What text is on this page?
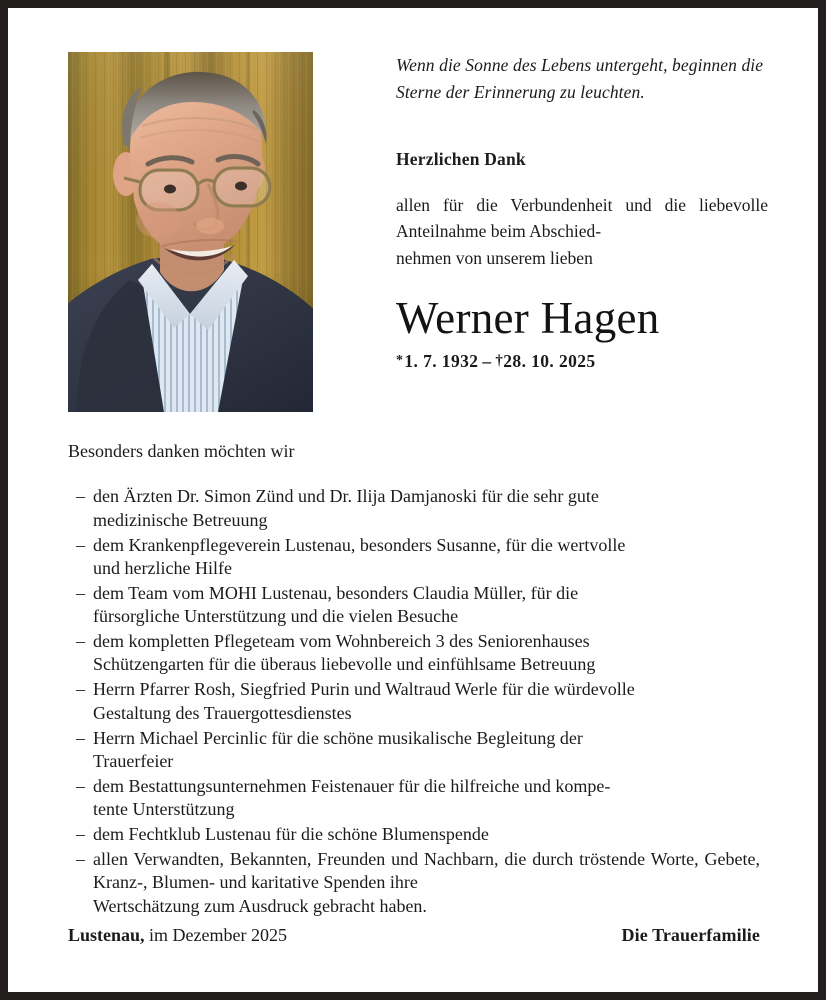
Wenn die Sonne des Lebens untergeht, beginnen die Sterne der Erinnerung zu leuchten.

Herzlichen Dank

allen für die Verbundenheit und die liebevolle Anteilnahme beim Abschied-
nehmen von unserem lieben

Werner Hagen

*1. 7. 1932  –  †28. 10. 2025

Besonders danken möchten wir

– den Ärzten Dr. Simon Zünd und Dr. Ilija Damjanoski für die sehr gute
medizinische Betreuung
– dem Krankenpflegeverein Lustenau, besonders Susanne, für die wertvolle
und herzliche Hilfe
– dem Team vom MOHI Lustenau, besonders Claudia Müller, für die
fürsorgliche Unterstützung und die vielen Besuche
– dem kompletten Pflegeteam vom Wohnbereich 3 des Seniorenhauses
Schützengarten für die überaus liebevolle und einfühlsame Betreuung
– Herrn Pfarrer Rosh, Siegfried Purin und Waltraud Werle für die würdevolle
Gestaltung des Trauergottesdienstes
– Herrn Michael Percinlic für die schöne musikalische Begleitung der
Trauerfeier
– dem Bestattungsunternehmen Feistenauer für die hilfreiche und kompe-
tente Unterstützung
– dem Fechtklub Lustenau für die schöne Blumenspende
– allen Verwandten, Bekannten, Freunden und Nachbarn, die durch tröstende Worte, Gebete, Kranz-, Blumen- und karitative Spenden ihre
Wertschätzung zum Ausdruck gebracht haben.
Lustenau, im Dezember 2025	Die Trauerfamilie
